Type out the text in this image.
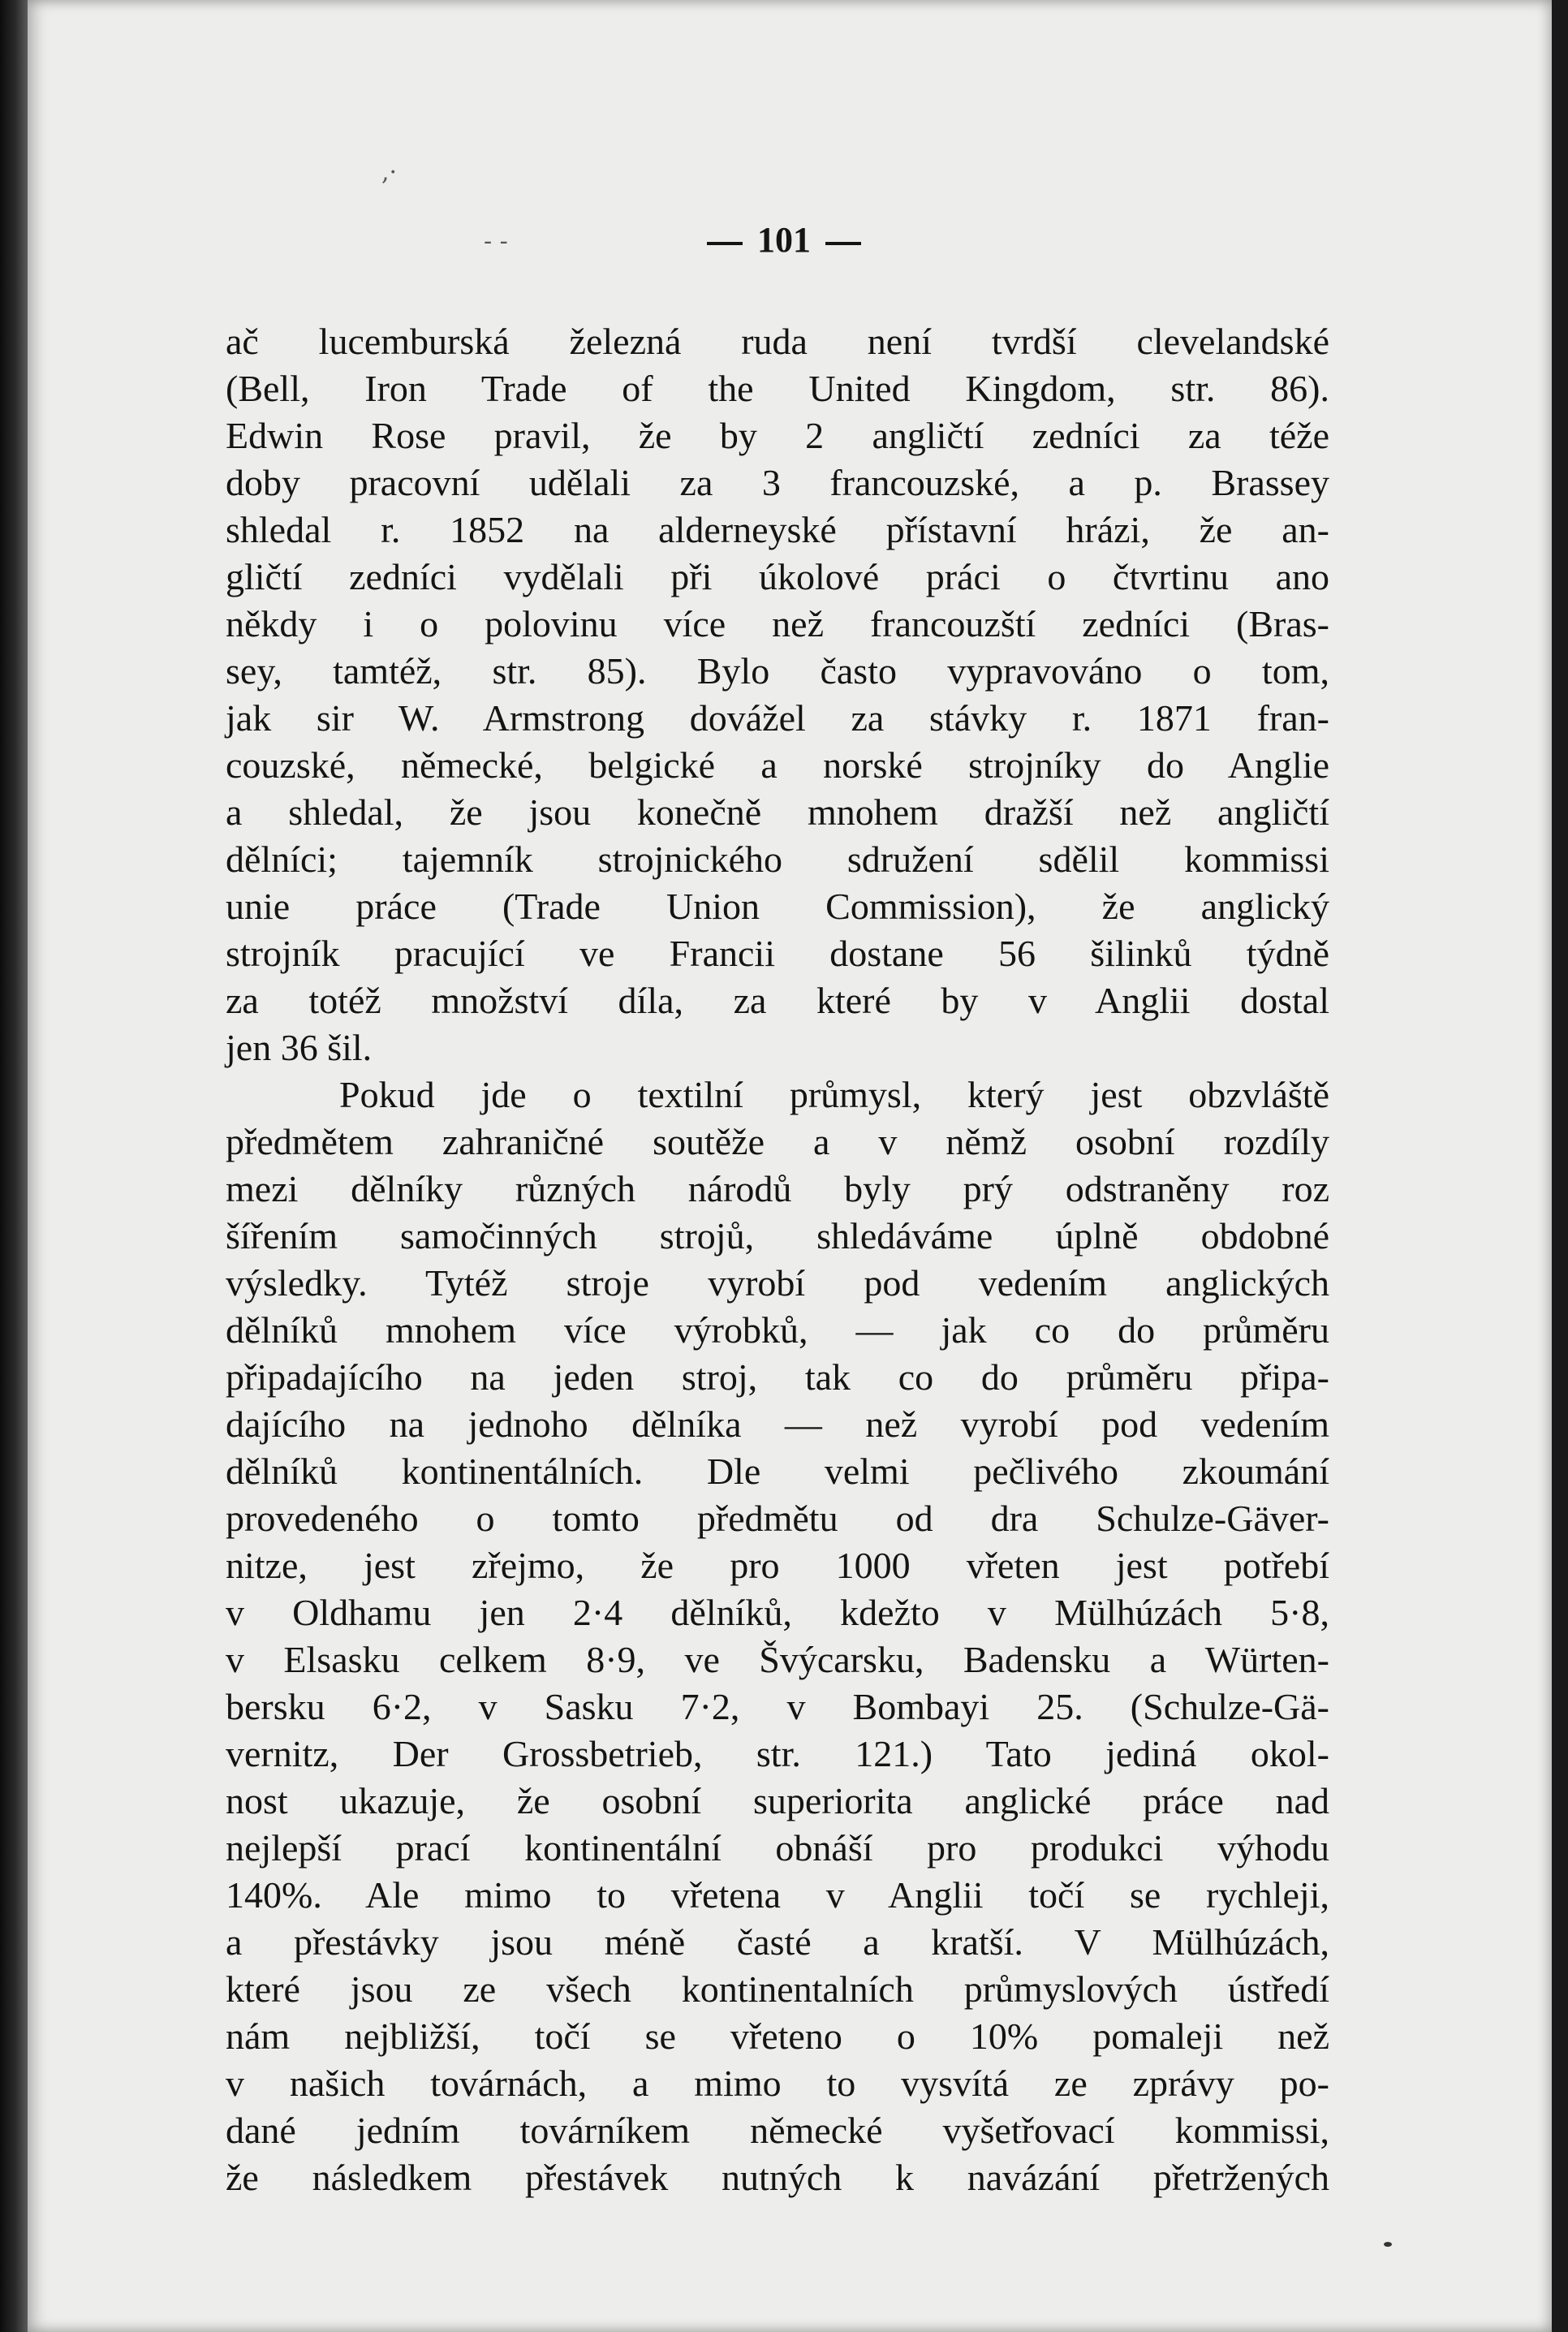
,·
- -	101
ač lucemburská železná ruda není tvrdší clevelandské
(Bell, Iron Trade of the United Kingdom, str. 86).
Edwin Rose pravil, že by 2 angličtí zedníci za téže
doby pracovní udělali za 3 francouzské, a p. Brassey
shledal r. 1852 na alderneyské přístavní hrázi, že an-
gličtí zedníci vydělali při úkolové práci o čtvrtinu ano
někdy i o polovinu více než francouzští zedníci (Bras-
sey, tamtéž, str. 85). Bylo často vypravováno o tom,
jak sir W. Armstrong dovážel za stávky r. 1871 fran-
couzské, německé, belgické a norské strojníky do Anglie
a shledal, že jsou konečně mnohem dražší než angličtí
dělníci; tajemník strojnického sdružení sdělil kommissi
unie práce (Trade Union Commission), že anglický
strojník pracující ve Francii dostane 56 šilinků týdně
za totéž množství díla, za které by v Anglii dostal
jen 36 šil.
Pokud jde o textilní průmysl, který jest obzvláště
předmětem zahraničné soutěže a v němž osobní rozdíly
mezi dělníky různých národů byly prý odstraněny roz
šířením samočinných strojů, shledáváme úplně obdobné
výsledky. Tytéž stroje vyrobí pod vedením anglických
dělníků mnohem více výrobků, — jak co do průměru
připadajícího na jeden stroj, tak co do průměru připa-
dajícího na jednoho dělníka — než vyrobí pod vedením
dělníků kontinentálních. Dle velmi pečlivého zkoumání
provedeného o tomto předmětu od dra Schulze-Gäver-
nitze, jest zřejmo, že pro 1000 vřeten jest potřebí
v Oldhamu jen 2·4 dělníků, kdežto v Mülhúzách 5·8,
v Elsasku celkem 8·9, ve Švýcarsku, Badensku a Würten-
bersku 6·2, v Sasku 7·2, v Bombayi 25. (Schulze-Gä-
vernitz, Der Grossbetrieb, str. 121.) Tato jediná okol-
nost ukazuje, že osobní superiorita anglické práce nad
nejlepší prací kontinentální obnáší pro produkci výhodu
140%. Ale mimo to vřetena v Anglii točí se rychleji,
a přestávky jsou méně časté a kratší. V Mülhúzách,
které jsou ze všech kontinentalních průmyslových ústředí
nám nejbližší, točí se vřeteno o 10% pomaleji než
v našich továrnách, a mimo to vysvítá ze zprávy po-
dané jedním továrníkem německé vyšetřovací kommissi,
že následkem přestávek nutných k navázání přetržených
